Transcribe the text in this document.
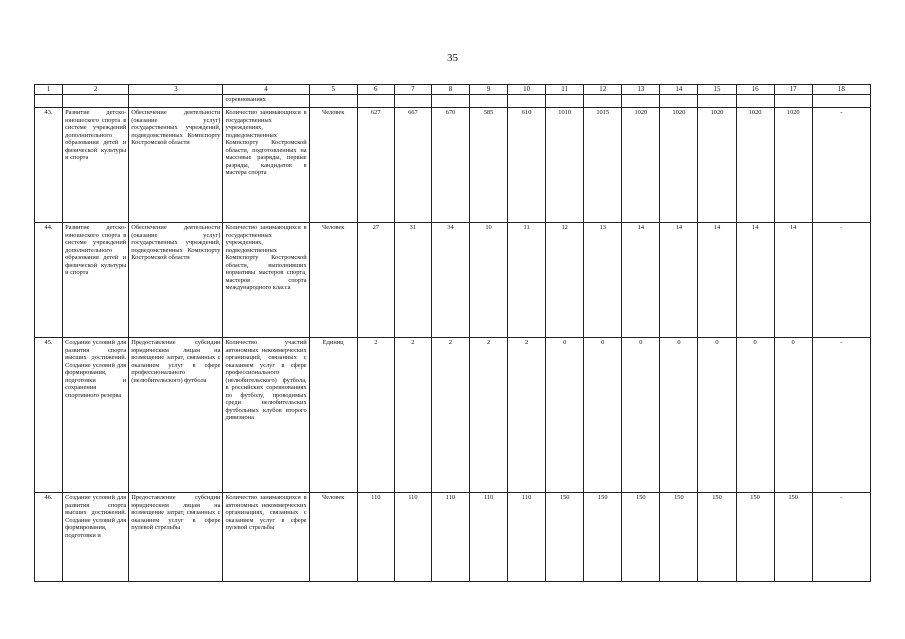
35
1	2	3	4	5	6	7	8	9	10	11	12	13	14	15	16	17	18
			соревнованиях														
43.	Развитие детско-юношеского спорта в системе учреждений дополнительного образования детей и физической культуры и спорта	Обеспечение деятельности (оказание услуг) государственных учреждений, подведомственных Компспорту Костромской области	Количество занимающихся в государственных учреждениях, подведомственных Компспорту Костромской области, подготовленных на массовые разряды, первые разряды, кандидатов в мастера спорта	Человек	627	667	670	585	610	1010	1015	1020	1020	1020	1020	1020	-
44.	Развитие детско-юношеского спорта в системе учреждений дополнительного образования детей и физической культуры и спорта	Обеспечение деятельности (оказание услуг) государственных учреждений, подведомственных Компспорту Костромской области	Количество занимающихся в государственных учреждениях, подведомственных Компспорту Костромской области, выполнивших нормативы мастеров спорта, мастеров спорта международного класса	Человек	27	31	34	10	11	12	13	14	14	14	14	14	-
45.	Создание условий для развития спорта высших достижений. Создание условий для формирования, подготовки и сохранения спортивного резерва	Предоставление субсидии юридическим лицам на возмещение затрат, связанных с оказанием услуг в сфере профессионального (нелюбительского) футбола	Количество участий автономных некоммерческих организаций, связанных с оказанием услуг в сфере профессионального (нелюбительского) футбола, в российских соревнованиях по футболу, проводимых среди нелюбительских футбольных клубов второго дивизиона	Единиц	2	2	2	2	2	0	0	0	0	0	0	0	-
46.	Создание условий для развития спорта высших достижений. Создание условий для формирования, подготовки и	Предоставление субсидии юридическим лицам на возмещение затрат, связанных с оказанием услуг в сфере пулевой стрельбы	Количество занимающихся в автономных некоммерческих организациях, связанных с оказанием услуг в сфере пулевой стрельбы	Человек	110	110	110	110	110	150	150	150	150	150	150	150	-
